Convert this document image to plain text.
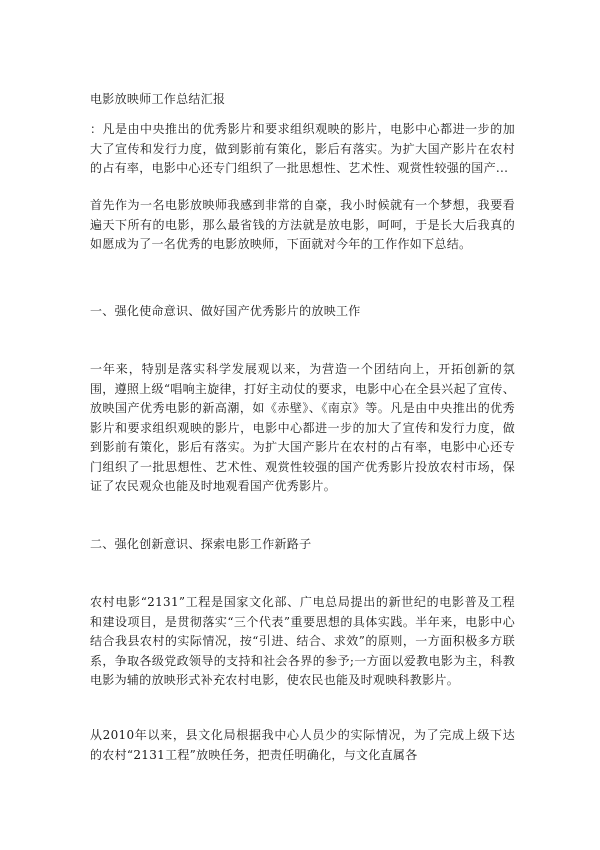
电影放映师工作总结汇报

：凡是由中央推出的优秀影片和要求组织观映的影片，电影中心都进一步的加大了宣传和发行力度，做到影前有策化，影后有落实。为扩大国产影片在农村的占有率，电影中心还专门组织了一批思想性、艺术性、观赏性较强的国产...

首先作为一名电影放映师我感到非常的自豪，我小时候就有一个梦想，我要看遍天下所有的电影，那么最省钱的方法就是放电影，呵呵，于是长大后我真的如愿成为了一名优秀的电影放映师，下面就对今年的工作作如下总结。

一、强化使命意识、做好国产优秀影片的放映工作

一年来，特别是落实科学发展观以来，为营造一个团结向上，开拓创新的氛围，遵照上级“唱响主旋律，打好主动仗的要求，电影中心在全县兴起了宣传、放映国产优秀电影的新高潮，如《赤壁》、《南京》等。凡是由中央推出的优秀影片和要求组织观映的影片，电影中心都进一步的加大了宣传和发行力度，做到影前有策化，影后有落实。为扩大国产影片在农村的占有率，电影中心还专门组织了一批思想性、艺术性、观赏性较强的国产优秀影片投放农村市场，保证了农民观众也能及时地观看国产优秀影片。

二、强化创新意识、探索电影工作新路子

农村电影“2131”工程是国家文化部、广电总局提出的新世纪的电影普及工程和建设项目，是贯彻落实“三个代表”重要思想的具体实践。半年来，电影中心结合我县农村的实际情况，按“引进、结合、求效”的原则，一方面积极多方联系，争取各级党政领导的支持和社会各界的参予;一方面以爱教电影为主，科教电影为辅的放映形式补充农村电影，使农民也能及时观映科教影片。

从2010年以来，县文化局根据我中心人员少的实际情况，为了完成上级下达的农村“2131工程”放映任务，把责任明确化，与文化直属各
